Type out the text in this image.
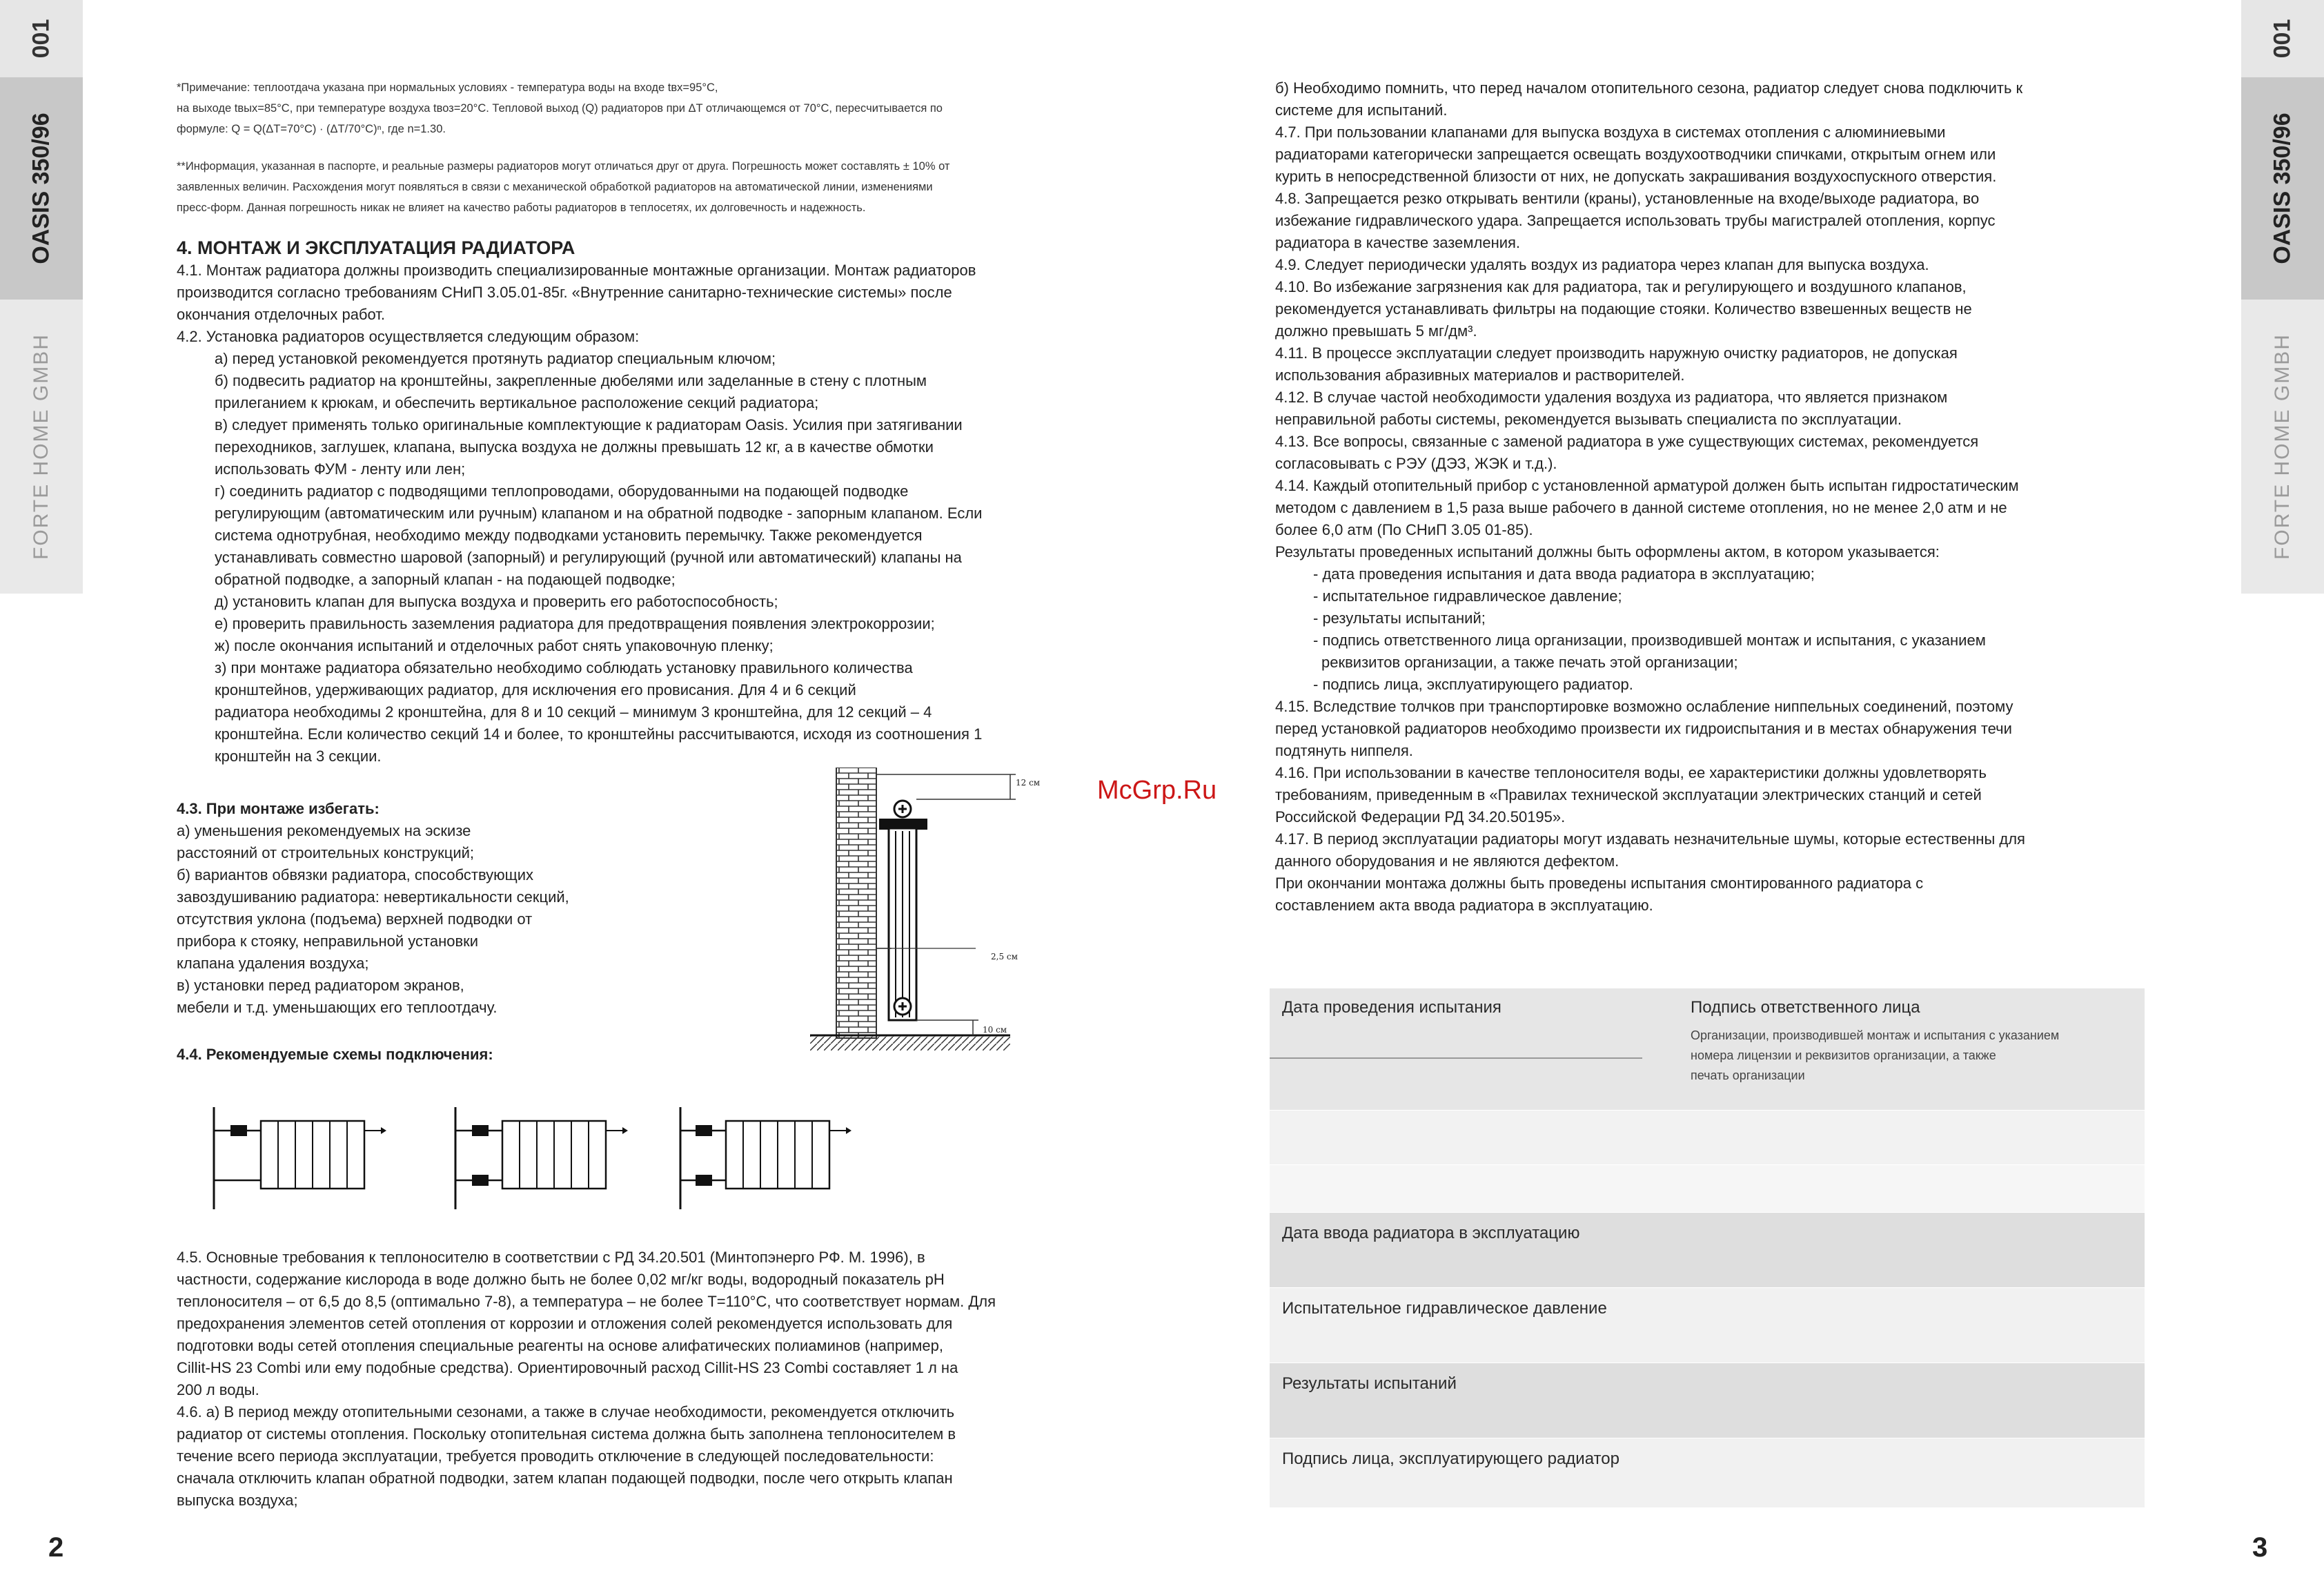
001
OASIS 350/96
FORTE HOME GMBH
001
OASIS 350/96
FORTE HOME GMBH
2	3
McGrp.Ru

*Примечание: теплоотдача указана при нормальных условиях - температура воды на входе tвх=95°С,

на выходе tвых=85°С, при температуре воздуха tвоз=20°С. Тепловой выход (Q) радиаторов при ΔT отличающемся от 70°С, пересчитывается по

формуле: Q = Q(ΔT=70°C) · (ΔT/70°C)ⁿ, где n=1.30.

**Информация, указанная в паспорте, и реальные размеры радиаторов могут отличаться друг от друга. Погрешность может составлять ± 10% от

заявленных величин. Расхождения могут появляться в связи с механической обработкой радиаторов на автоматической линии, изменениями

пресс-форм. Данная погрешность никак не влияет на качество работы радиаторов в теплосетях, их долговечность и надежность.

4. МОНТАЖ И ЭКСПЛУАТАЦИЯ РАДИАТОРА

4.1. Монтаж радиатора должны производить специализированные монтажные организации. Монтаж радиаторов

производится согласно требованиям СНиП 3.05.01-85г. «Внутренние санитарно-технические системы» после

окончания отделочных работ.

4.2. Установка радиаторов осуществляется следующим образом:

а) перед установкой рекомендуется протянуть радиатор специальным ключом;

б) подвесить радиатор на кронштейны, закрепленные дюбелями или заделанные в стену с плотным

прилеганием к крюкам, и обеспечить вертикальное расположение секций радиатора;

в) следует применять только оригинальные комплектующие к радиаторам Oasis. Усилия при затягивании

переходников, заглушек, клапана, выпуска воздуха не должны превышать 12 кг, а в качестве обмотки

использовать ФУМ - ленту или лен;

г) соединить радиатор с подводящими теплопроводами, оборудованными на подающей подводке

регулирующим (автоматическим или ручным) клапаном и на обратной подводке - запорным клапаном. Если

система однотрубная, необходимо между подводками установить перемычку. Также рекомендуется

устанавливать совместно шаровой (запорный) и регулирующий (ручной или автоматический) клапаны на

обратной подводке, а запорный клапан - на подающей подводке;

д) установить клапан для выпуска воздуха и проверить его работоспособность;

е) проверить правильность заземления радиатора для предотвращения появления электрокоррозии;

ж) после окончания испытаний и отделочных работ снять упаковочную пленку;

з) при монтаже радиатора обязательно необходимо соблюдать установку правильного количества

кронштейнов, удерживающих радиатор, для исключения его провисания. Для 4 и 6 секций

радиатора необходимы 2 кронштейна, для 8 и 10 секций – минимум 3 кронштейна, для 12 секций – 4

кронштейна. Если количество секций 14 и более, то кронштейны рассчитываются, исходя из соотношения 1

кронштейн на 3 секции.

4.3. При монтаже избегать:

а) уменьшения рекомендуемых на эскизе

расстояний от строительных конструкций;

б) вариантов обвязки радиатора, способствующих

завоздушиванию радиатора: невертикальности секций,

отсутствия уклона (подъема) верхней подводки от

прибора к стояку, неправильной установки

клапана удаления воздуха;

в) установки перед радиатором экранов,

мебели и т.д. уменьшающих его теплоотдачу.

4.4. Рекомендуемые схемы подключения:

4.5. Основные требования к теплоносителю в соответствии с РД 34.20.501 (Минтопэнерго РФ. М. 1996), в

частности, содержание кислорода в воде должно быть не более 0,02 мг/кг воды, водородный показатель pH

теплоносителя – от 6,5 до 8,5 (оптимально 7-8), а температура – не более Т=110°С, что соответствует нормам. Для

предохранения элементов сетей отопления от коррозии и отложения солей рекомендуется использовать для

подготовки воды сетей отопления специальные реагенты на основе алифатических полиаминов (например,

Cillit-HS 23 Combi или ему подобные средства). Ориентировочный расход Cillit-HS 23 Combi составляет 1 л на

200 л воды.

4.6. а) В период между отопительными сезонами, а также в случае необходимости, рекомендуется отключить

радиатор от системы отопления. Поскольку отопительная система должна быть заполнена теплоносителем в

течение всего периода эксплуатации, требуется проводить отключение в следующей последовательности:

сначала отключить клапан обратной подводки, затем клапан подающей подводки, после чего открыть клапан

выпуска воздуха;

12 см
2,5 см
10 см

б) Необходимо помнить, что перед началом отопительного сезона, радиатор следует снова подключить к

системе для испытаний.

4.7. При пользовании клапанами для выпуска воздуха в системах отопления с алюминиевыми

радиаторами категорически запрещается освещать воздухоотводчики спичками, открытым огнем или

курить в непосредственной близости от них, не допускать закрашивания воздухоспускного отверстия.

4.8. Запрещается резко открывать вентили (краны), установленные на входе/выходе радиатора, во

избежание гидравлического удара. Запрещается использовать трубы магистралей отопления, корпус

радиатора в качестве заземления.

4.9. Следует периодически удалять воздух из радиатора через клапан для выпуска воздуха.

4.10. Во избежание загрязнения как для радиатора, так и регулирующего и воздушного клапанов,

рекомендуется устанавливать фильтры на подающие стояки. Количество взвешенных веществ не

должно превышать 5 мг/дм³.

4.11. В процессе эксплуатации следует производить наружную очистку радиаторов, не допуская

использования абразивных материалов и растворителей.

4.12. В случае частой необходимости удаления воздуха из радиатора, что является признаком

неправильной работы системы, рекомендуется вызывать специалиста по эксплуатации.

4.13. Все вопросы, связанные с заменой радиатора в уже существующих системах, рекомендуется

согласовывать с РЭУ (ДЭЗ, ЖЭК и т.д.).

4.14. Каждый отопительный прибор с установленной арматурой должен быть испытан гидростатическим

методом с давлением в 1,5 раза выше рабочего в данной системе отопления, но не менее 2,0 атм и не

более 6,0 атм (По СНиП 3.05 01-85).

Результаты проведенных испытаний должны быть оформлены актом, в котором указывается:

- дата проведения испытания и дата ввода радиатора в эксплуатацию;

- испытательное гидравлическое давление;

- результаты испытаний;

- подпись ответственного лица организации, производившей монтаж и испытания, с указанием

реквизитов организации, а также печать этой организации;

- подпись лица, эксплуатирующего радиатор.

4.15. Вследствие толчков при транспортировке возможно ослабление ниппельных соединений, поэтому

перед установкой радиаторов необходимо произвести их гидроиспытания и в местах обнаружения течи

подтянуть ниппеля.

4.16. При использовании в качестве теплоносителя воды, ее характеристики должны удовлетворять

требованиям, приведенным в «Правилах технической эксплуатации электрических станций и сетей

Российской Федерации РД 34.20.50195».

4.17. В период эксплуатации радиаторы могут издавать незначительные шумы, которые естественны для

данного оборудования и не являются дефектом.

При окончании монтажа должны быть проведены испытания смонтированного радиатора с

составлением акта ввода радиатора в эксплуатацию.

Дата проведения испытания	Подпись ответственного лица
Организации, производившей монтаж и испытания с указанием
номера лицензии и реквизитов организации, а также
печать организации
Дата ввода радиатора в эксплуатацию
Испытательное гидравлическое давление
Результаты испытаний
Подпись лица, эксплуатирующего радиатор
